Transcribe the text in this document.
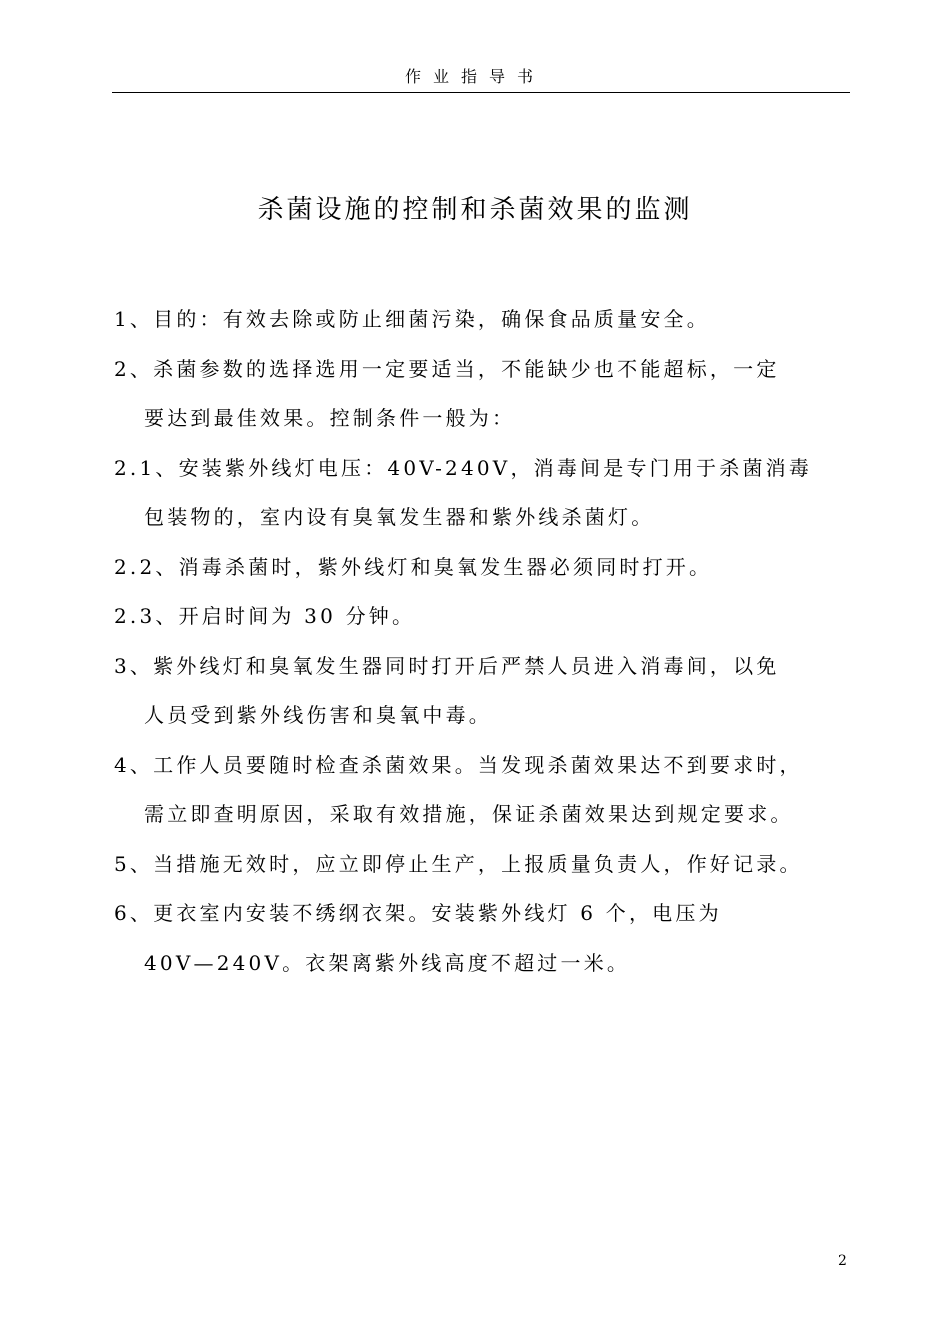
作业指导书
杀菌设施的控制和杀菌效果的监测

1、目的：有效去除或防止细菌污染，确保食品质量安全。

2、杀菌参数的选择选用一定要适当，不能缺少也不能超标，一定

要达到最佳效果。控制条件一般为：

2.1、安装紫外线灯电压：40V-240V，消毒间是专门用于杀菌消毒

包装物的，室内设有臭氧发生器和紫外线杀菌灯。

2.2、消毒杀菌时，紫外线灯和臭氧发生器必须同时打开。

2.3、开启时间为 30 分钟。

3、紫外线灯和臭氧发生器同时打开后严禁人员进入消毒间，以免

人员受到紫外线伤害和臭氧中毒。

4、工作人员要随时检查杀菌效果。当发现杀菌效果达不到要求时，

需立即查明原因，采取有效措施，保证杀菌效果达到规定要求。

5、当措施无效时，应立即停止生产，上报质量负责人，作好记录。

6、更衣室内安装不绣纲衣架。安装紫外线灯 6 个，电压为

40V—240V。衣架离紫外线高度不超过一米。

2
